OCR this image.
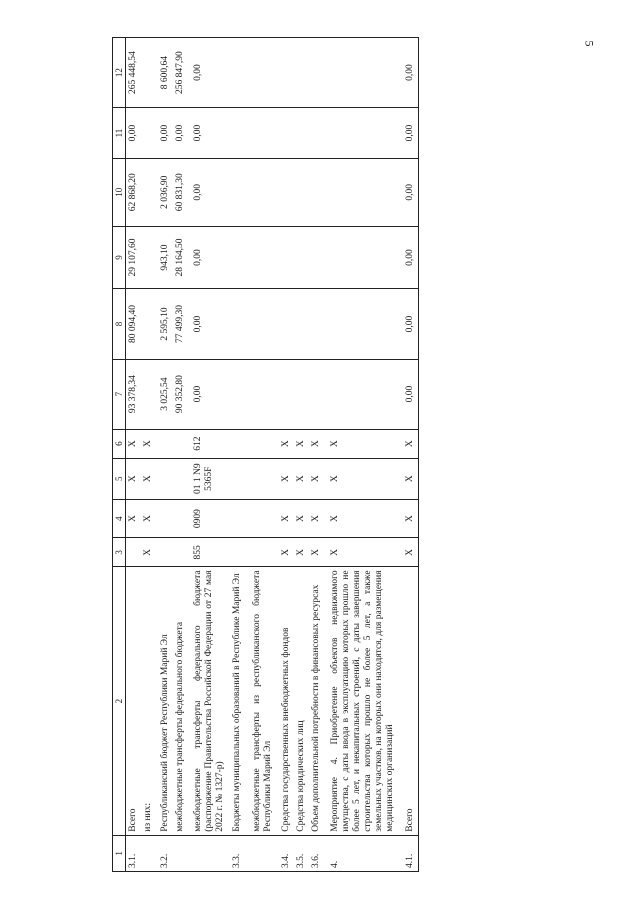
5
1	2	3	4	5	6	7	8	9	10	11	12
3.1.	Всего		Х	Х	Х	93 378,34	80 094,40	29 107,60	62 868,20	0,00	265 448,54
	из них:	Х	Х	Х	Х						
3.2.	Республиканский бюджет Республики Марий Эл					3 025,54	2 595,10	943,10	2 036,90	0,00	8 600,64
	межбюджетные трансферты федерального бюджета					90 352,80	77 499,30	28 164,50	60 831,30	0,00	256 847,90
	межбюджетные трансферты федерального бюджета (распоряжение Правительства Российской Федерации от 27 мая 2022 г. № 1327-р)	855	0909	01 1 N9 5365F	612	0,00	0,00	0,00	0,00	0,00	0,00
3.3.	Бюджеты муниципальных образований в Республике Марий Эл										
	межбюджетные трансферты из республиканского бюджета Республики Марий Эл										
3.4.	Средства государственных внебюджетных фондов	Х	Х	Х	Х						
3.5.	Средства юридических лиц	Х	Х	Х	Х						
3.6.	Объем дополнительной потребности в финансовых ресурсах	Х	Х	Х	Х						
4.	Мероприятие 4. Приобретение объектов недвижимого имущества, с даты ввода в эксплуатацию которых прошло не более 5 лет, и некапитальных строений, с даты завершения строительства которых прошло не более 5 лет, а также земельных участков, на которых они находятся, для размещения медицинских организаций	Х	Х	Х	Х						
4.1.	Всего	Х	Х	Х	Х	0,00	0,00	0,00	0,00	0,00	0,00
